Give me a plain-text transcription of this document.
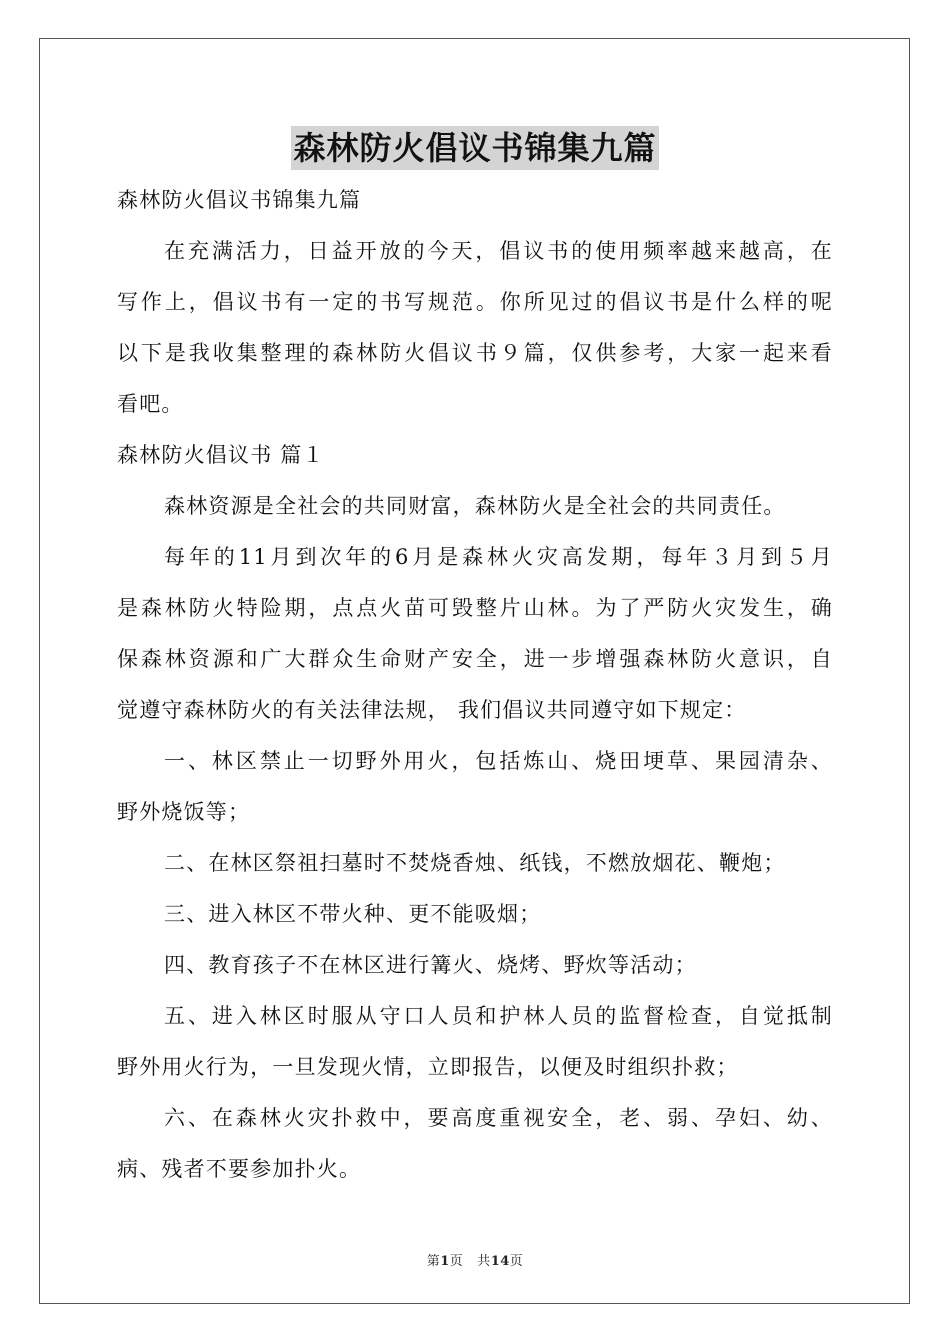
森林防火倡议书锦集九篇
森林防火倡议书锦集九篇
在充满活力，日益开放的今天，倡议书的使用频率越来越高，在
写作上，倡议书有一定的书写规范。你所见过的倡议书是什么样的呢
以下是我收集整理的森林防火倡议书９篇，仅供参考，大家一起来看
看吧。
森林防火倡议书 篇１
森林资源是全社会的共同财富，森林防火是全社会的共同责任。
每年的11月到次年的6月是森林火灾高发期，每年３月到５月
是森林防火特险期，点点火苗可毁整片山林。为了严防火灾发生，确
保森林资源和广大群众生命财产安全，进一步增强森林防火意识，自
觉遵守森林防火的有关法律法规， 我们倡议共同遵守如下规定：
一、林区禁止一切野外用火，包括炼山、烧田埂草、果园清杂、
野外烧饭等；
二、在林区祭祖扫墓时不焚烧香烛、纸钱，不燃放烟花、鞭炮；
三、进入林区不带火种、更不能吸烟；
四、教育孩子不在林区进行篝火、烧烤、野炊等活动；
五、进入林区时服从守口人员和护林人员的监督检查，自觉抵制
野外用火行为，一旦发现火情，立即报告，以便及时组织扑救；
六、在森林火灾扑救中，要高度重视安全，老、弱、孕妇、幼、
病、残者不要参加扑火。
第1页 共14页
